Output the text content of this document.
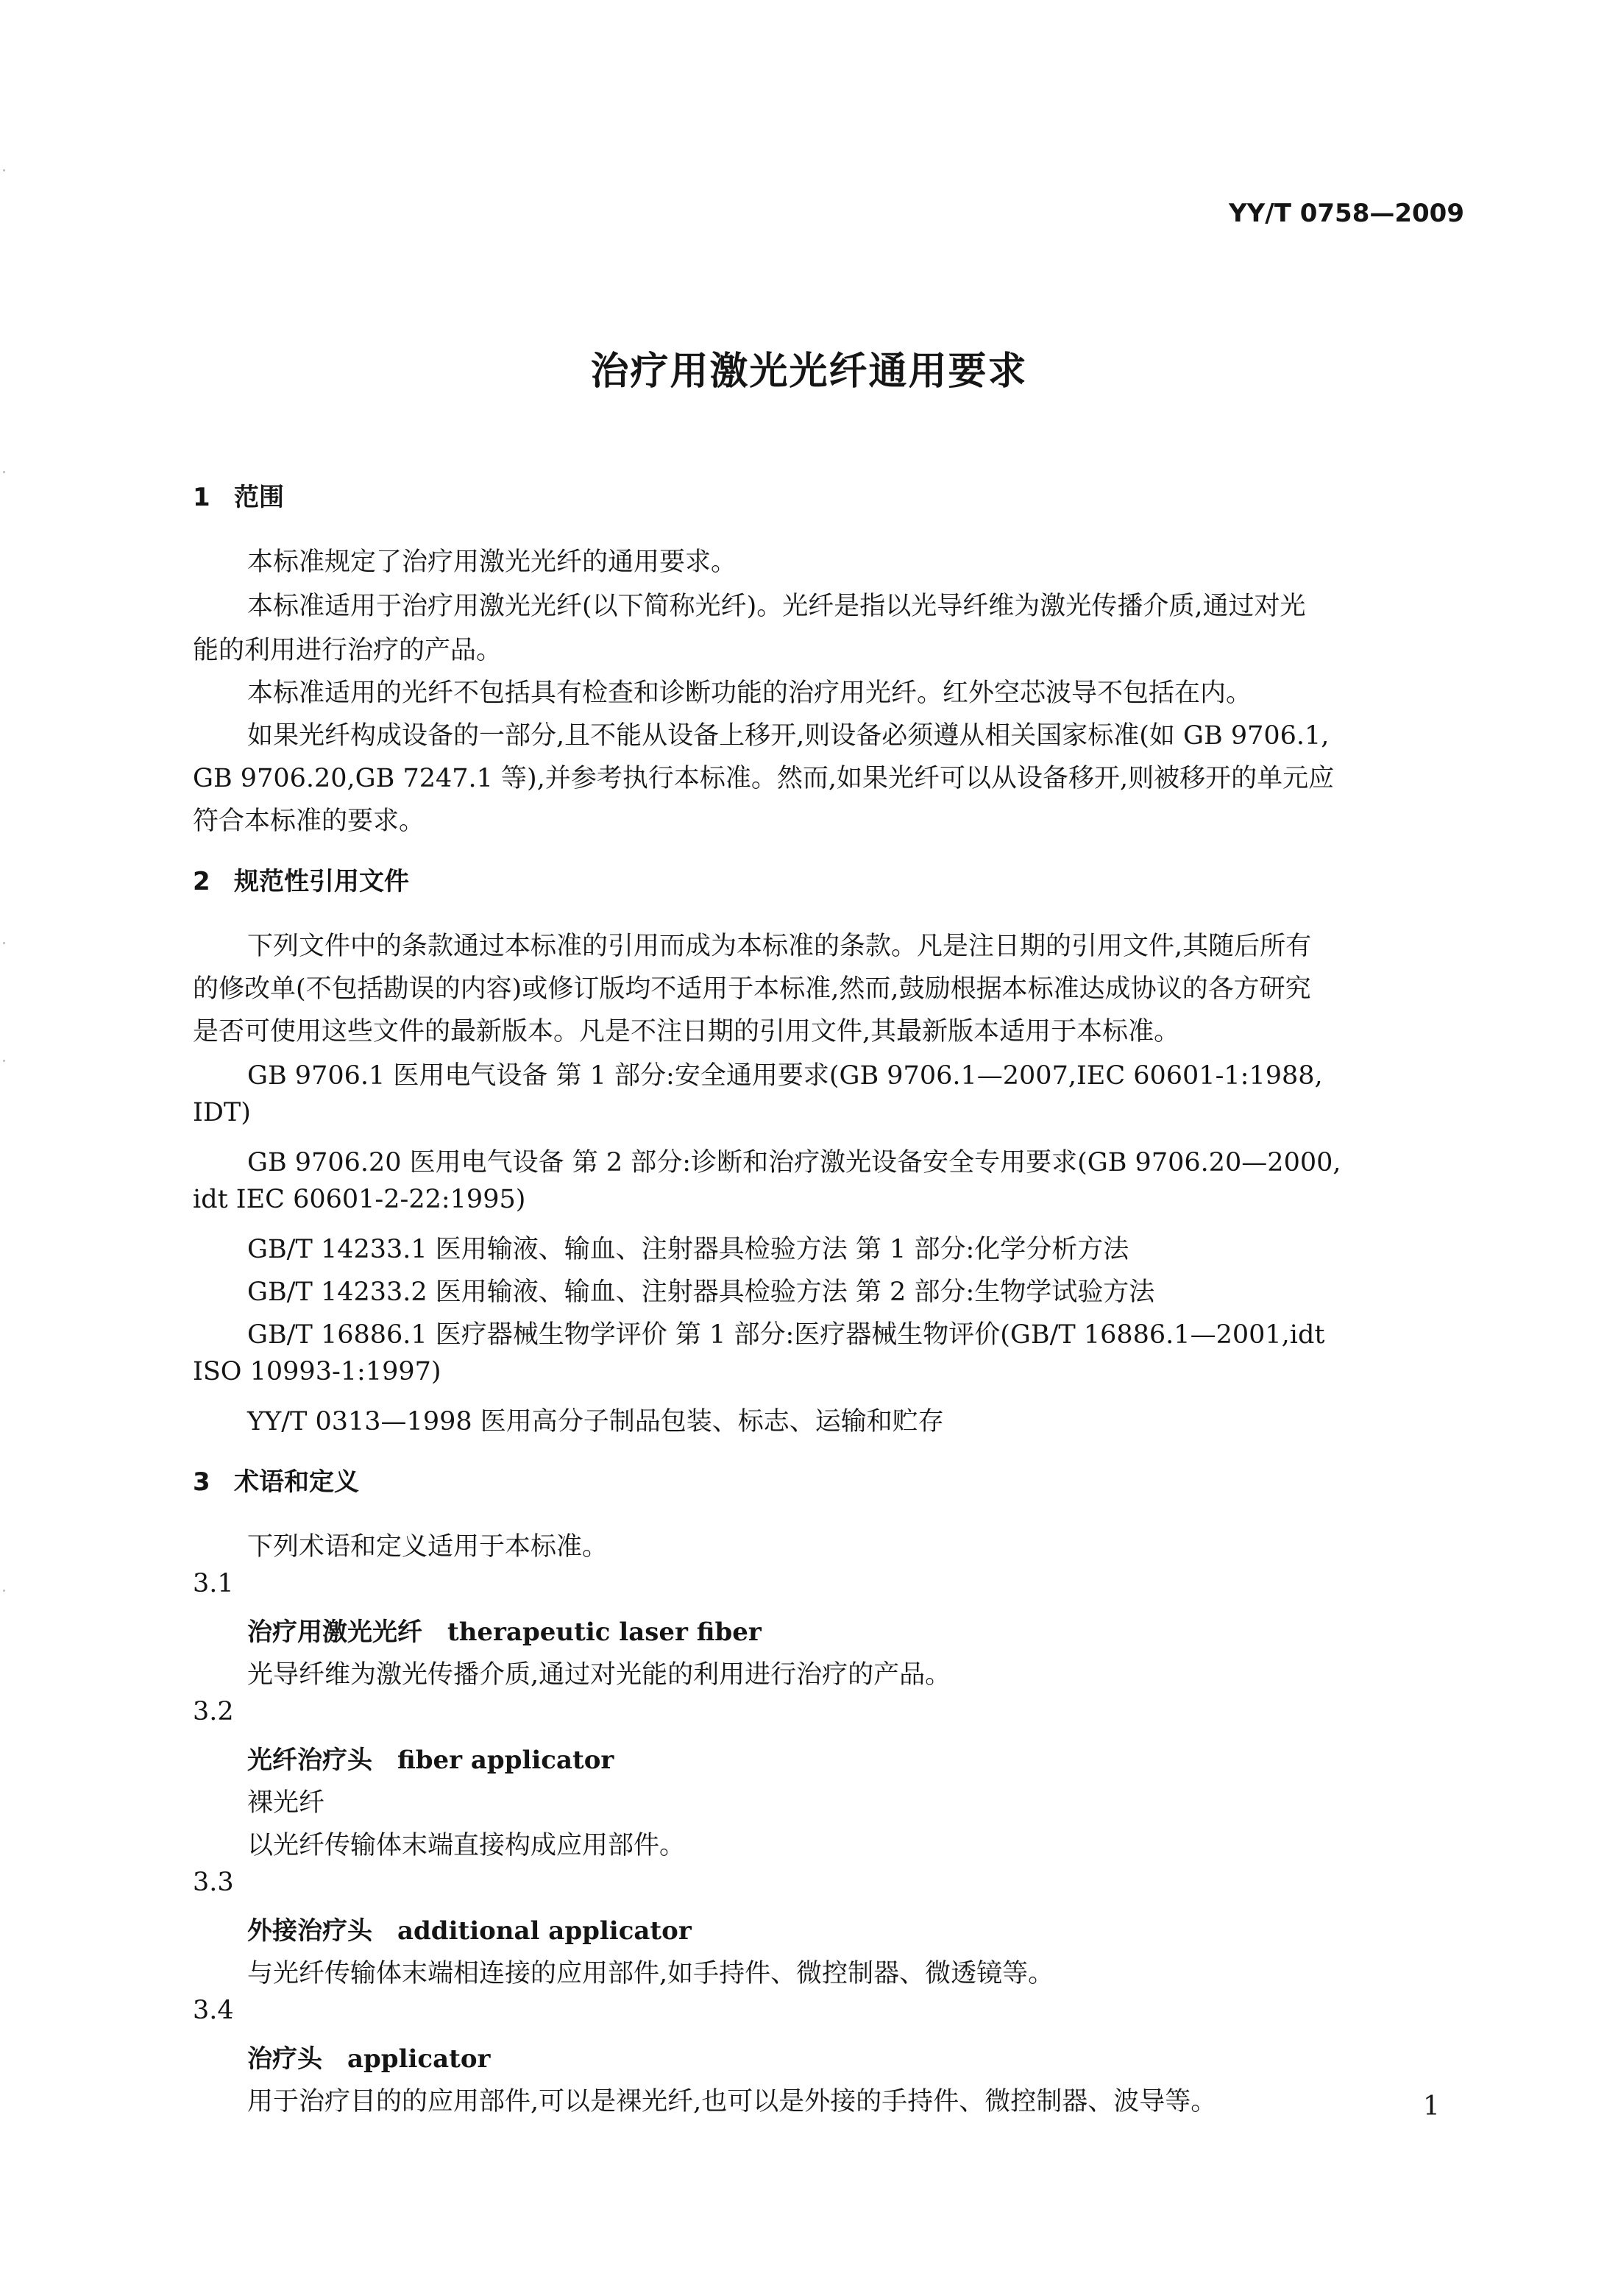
YY/T 0758—2009
治疗用激光光纤通用要求
1 范围
本标准规定了治疗用激光光纤的通用要求。
本标准适用于治疗用激光光纤(以下简称光纤)。光纤是指以光导纤维为激光传播介质,通过对光
能的利用进行治疗的产品。
本标准适用的光纤不包括具有检查和诊断功能的治疗用光纤。红外空芯波导不包括在内。
如果光纤构成设备的一部分,且不能从设备上移开,则设备必须遵从相关国家标准(如 GB 9706.1,
GB 9706.20,GB 7247.1 等),并参考执行本标准。然而,如果光纤可以从设备移开,则被移开的单元应
符合本标准的要求。
2 规范性引用文件
下列文件中的条款通过本标准的引用而成为本标准的条款。凡是注日期的引用文件,其随后所有
的修改单(不包括勘误的内容)或修订版均不适用于本标准,然而,鼓励根据本标准达成协议的各方研究
是否可使用这些文件的最新版本。凡是不注日期的引用文件,其最新版本适用于本标准。
GB 9706.1 医用电气设备 第 1 部分:安全通用要求(GB 9706.1—2007,IEC 60601-1:1988,
IDT)
GB 9706.20 医用电气设备 第 2 部分:诊断和治疗激光设备安全专用要求(GB 9706.20—2000,
idt IEC 60601-2-22:1995)
GB/T 14233.1 医用输液、输血、注射器具检验方法 第 1 部分:化学分析方法
GB/T 14233.2 医用输液、输血、注射器具检验方法 第 2 部分:生物学试验方法
GB/T 16886.1 医疗器械生物学评价 第 1 部分:医疗器械生物评价(GB/T 16886.1—2001,idt
ISO 10993-1:1997)
YY/T 0313—1998 医用高分子制品包装、标志、运输和贮存
3 术语和定义
下列术语和定义适用于本标准。
3.1
治疗用激光光纤 therapeutic laser fiber
光导纤维为激光传播介质,通过对光能的利用进行治疗的产品。
3.2
光纤治疗头 fiber applicator
裸光纤
以光纤传输体末端直接构成应用部件。
3.3
外接治疗头 additional applicator
与光纤传输体末端相连接的应用部件,如手持件、微控制器、微透镜等。
3.4
治疗头 applicator
用于治疗目的的应用部件,可以是裸光纤,也可以是外接的手持件、微控制器、波导等。	1
